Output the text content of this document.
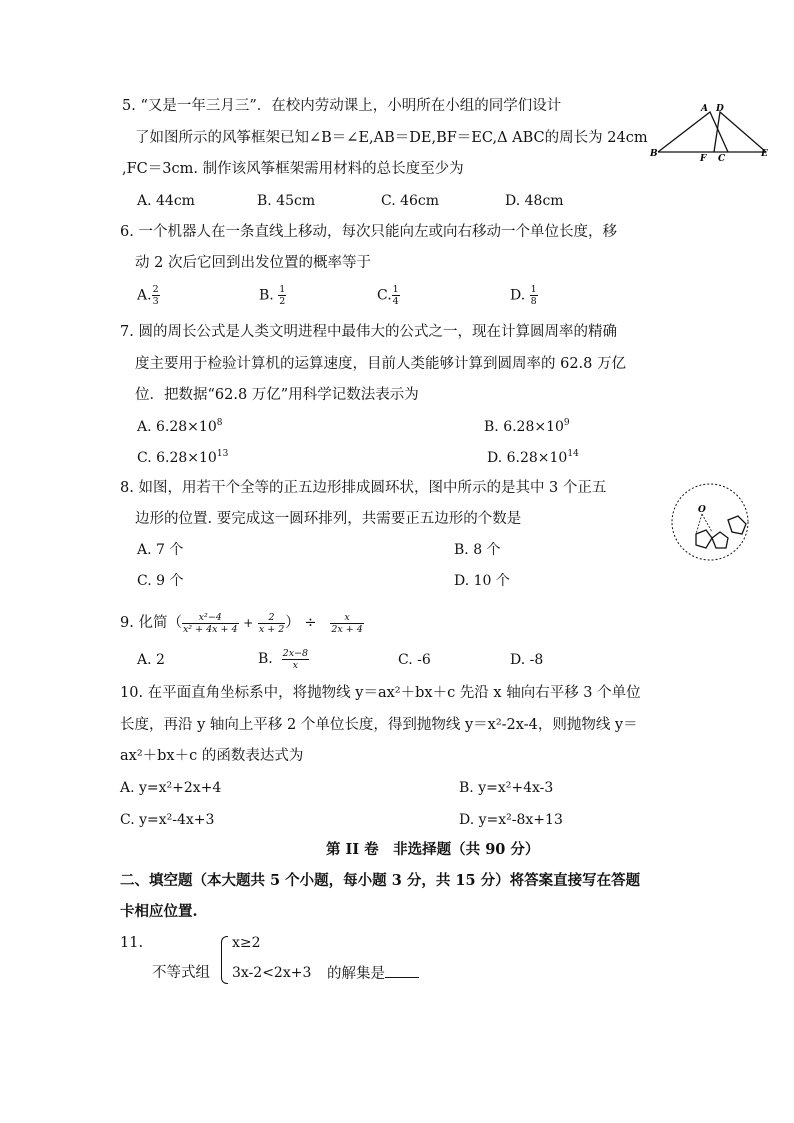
5. “又是一年三月三”．在校内劳动课上，小明所在小组的同学们设计
了如图所示的风筝框架已知∠B＝∠E,AB＝DE,BF＝EC,Δ ABC的周长为 24cm
,FC＝3cm. 制作该风筝框架需用材料的总长度至少为
A. 44cm	B. 45cm	C. 46cm	D. 48cm
A D
B	F C	E
6. 一个机器人在一条直线上移动，每次只能向左或向右移动一个单位长度，移
动 2 次后它回到出发位置的概率等于
A. $\frac{2}{3}$	B. $\frac{1}{2}$	C. $\frac{1}{4}$	D. $\frac{1}{8}$
7. 圆的周长公式是人类文明进程中最伟大的公式之一，现在计算圆周率的精确
度主要用于检验计算机的运算速度，目前人类能够计算到圆周率的 62.8 万亿
位．把数据“62.8 万亿”用科学记数法表示为
A. $6.28\times 10^8$	B. $6.28\times 10^9$
C. $6.28\times 10^{13}$	D. $6.28\times 10^{14}$
8. 如图，用若干个全等的正五边形排成圆环状，图中所示的是其中 3 个正五
边形的位置. 要完成这一圆环排列，共需要正五边形的个数是
A. 7 个	B. 8 个
C. 9 个	D. 10 个
O
9. 化简（ $\frac{\text{x²−4}}{\text{x² + 4x + 4}} + \frac{2}{x + 2}$ ） ÷ $\frac{x}{2x + 4}$
A. 2	B. $\frac{2x-8}{x}$	C. -6	D. -8
10. 在平面直角坐标系中，将抛物线 y＝ax²＋bx＋c 先沿 x 轴向右平移 3 个单位
长度，再沿 y 轴向上平移 2 个单位长度，得到抛物线 y＝x²-2x-4，则抛物线 y＝
ax²＋bx＋c 的函数表达式为
A. y=x²+2x+4	B. y=x²+4x-3
C. y=x²-4x+3	D. y=x²-8x+13
第 II 卷　非选择题（共 90 分）
二、填空题（本大题共 5 个小题，每小题 3 分，共 15 分）将答案直接写在答题
卡相应位置.
11.
不等式组
x≥2
3x-2<2x+3 的解集是
